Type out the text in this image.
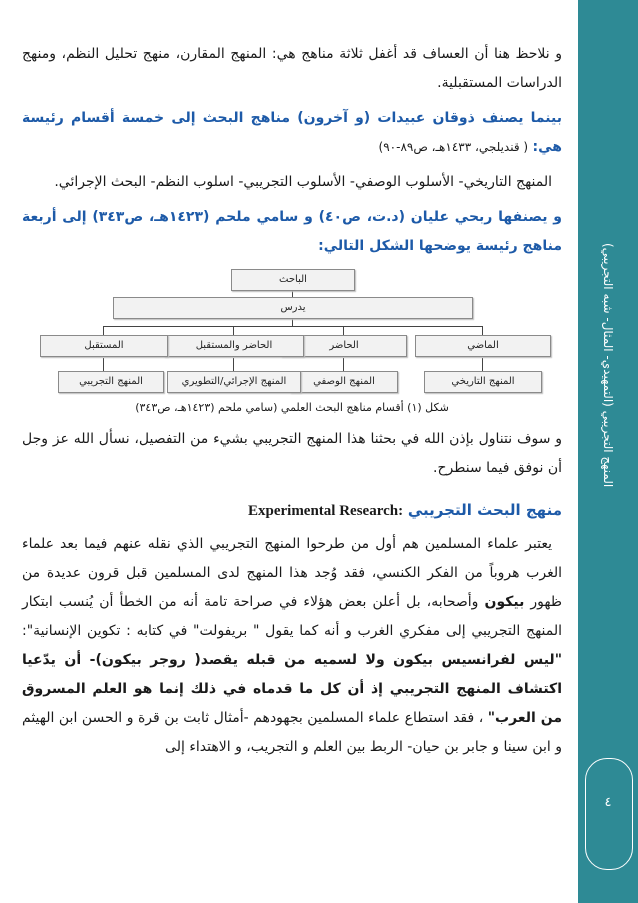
المنهج التجريبي (التمهيدي- المثال- شبه التجريبي)
٤

و نلاحظ هنا أن العساف قد أغفل ثلاثة مناهج هي: المنهج المقارن، منهج تحليل النظم، ومنهج الدراسات المستقبلية.

بينما يصنف ذوقان عبيدات (و آخرون) مناهج البحث إلى خمسة أقسام رئيسة هي: ( قنديلجي، ١٤٣٣هـ، ص٨٩-٩٠)

المنهج التاريخي- الأسلوب الوصفي- الأسلوب التجريبي- اسلوب النظم- البحث الإجرائي.

و يصنفها ربحي عليان (د.ت، ص٤٠) و سامي ملحم (١٤٢٣هـ، ص٣٤٣) إلى أربعة مناهج رئيسة يوضحها الشكل التالي:

الباحث
يدرس
الماضي
الحاضر
الحاضر والمستقبل
المستقبل
المنهج التاريخي
المنهج الوصفي
المنهج الإجرائي/التطويري
المنهج التجريبي
شكل (١) أقسام مناهج البحث العلمي (سامي ملحم (١٤٢٣هـ، ص٣٤٣)

و سوف نتناول بإذن الله في بحثنا هذا المنهج التجريبي بشيء من التفصيل، نسأل الله عز وجل أن نوفق فيما سنطرح.

منهج البحث التجريبي Experimental Research:

يعتبر علماء المسلمين هم أول من طرحوا المنهج التجريبي الذي نقله عنهم فيما بعد علماء الغرب هروباً من الفكر الكنسي، فقد وُجد هذا المنهج لدى المسلمين قبل قرون عديدة من ظهور بيكون وأصحابه، بل أعلن بعض هؤلاء في صراحة تامة أنه من الخطأ أن يُنسب ابتكار المنهج التجريبي إلى مفكري الغرب و أنه كما يقول " بريفولت" في كتابه : تكوين الإنسانية": "ليس لفرانسيس بيكون ولا لسميه من قبله يقصد( روجر بيكون)- أن يدّعيا اكتشاف المنهج التجريبي إذ أن كل ما قدماه في ذلك إنما هو العلم المسروق من العرب" ، فقد استطاع علماء المسلمين بجهودهم -أمثال ثابت بن قرة و الحسن ابن الهيثم و ابن سينا و جابر بن حيان- الربط بين العلم و التجريب، و الاهتداء إلى
